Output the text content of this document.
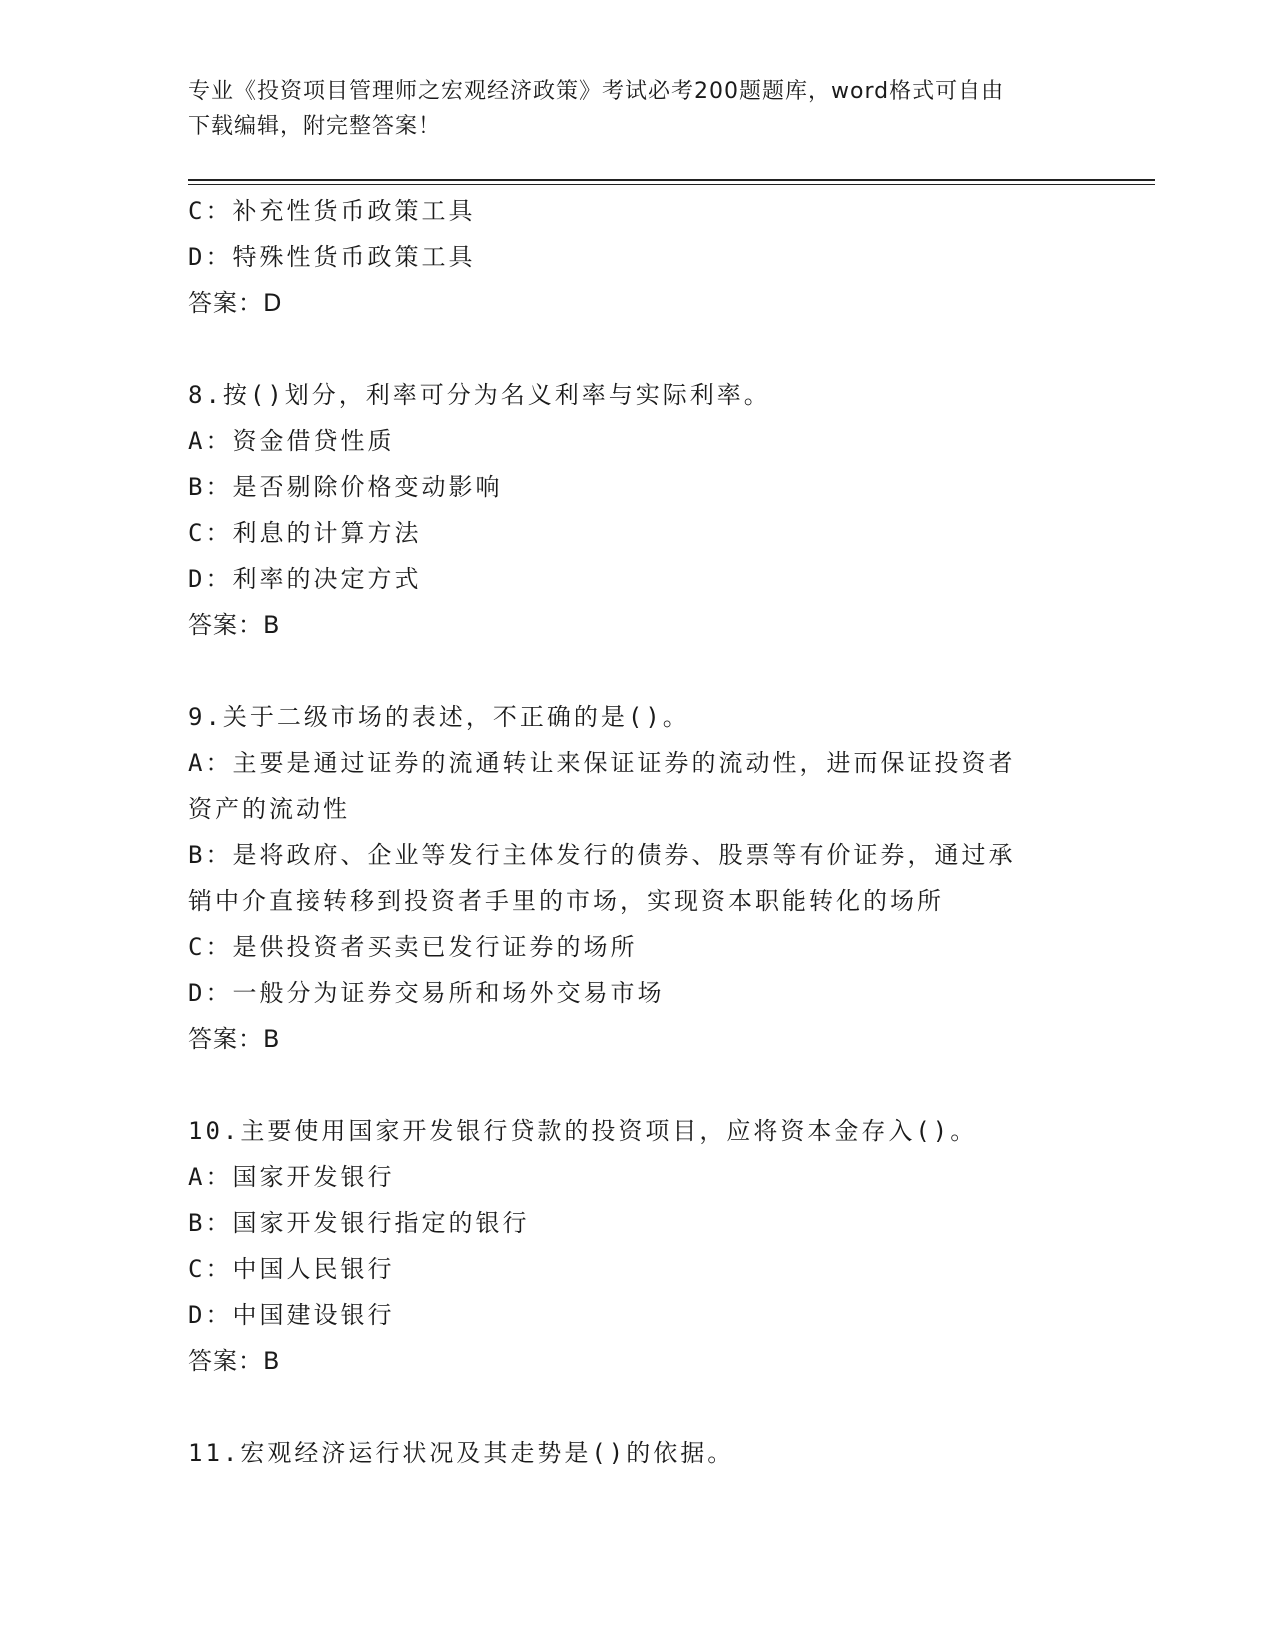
专业《投资项目管理师之宏观经济政策》考试必考200题题库，word格式可自由
下载编辑，附完整答案！
C：补充性货币政策工具
D：特殊性货币政策工具
答案：D
8.按()划分，利率可分为名义利率与实际利率。
A：资金借贷性质
B：是否剔除价格变动影响
C：利息的计算方法
D：利率的决定方式
答案：B
9.关于二级市场的表述，不正确的是()。
A：主要是通过证券的流通转让来保证证券的流动性，进而保证投资者
资产的流动性
B：是将政府、企业等发行主体发行的债券、股票等有价证券，通过承
销中介直接转移到投资者手里的市场，实现资本职能转化的场所
C：是供投资者买卖已发行证券的场所
D：一般分为证券交易所和场外交易市场
答案：B
10.主要使用国家开发银行贷款的投资项目，应将资本金存入()。
A：国家开发银行
B：国家开发银行指定的银行
C：中国人民银行
D：中国建设银行
答案：B
11.宏观经济运行状况及其走势是()的依据。
